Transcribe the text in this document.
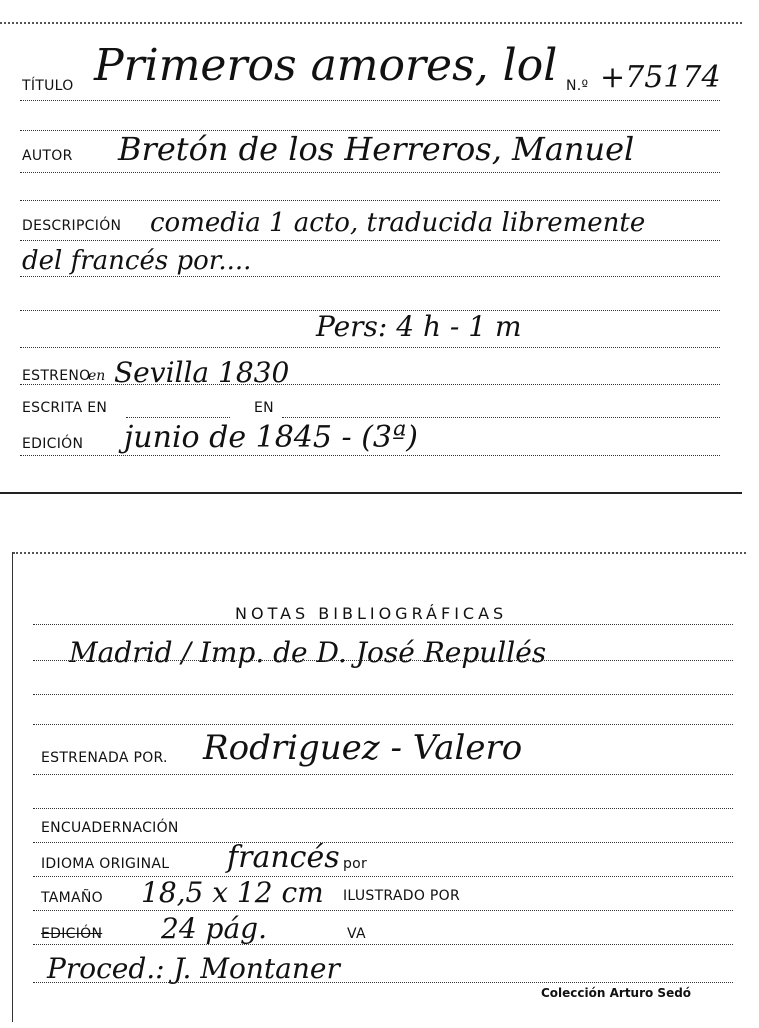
TÍTULO Primeros amores, lol N.º +75174
AUTOR Bretón de los Herreros, Manuel
DESCRIPCIÓN comedia 1 acto, traducida libremente
del francés por....
Pers: 4 h - 1 m
ESTRENO
en Sevilla 1830
ESCRITA EN	EN
EDICIÓN junio de 1845 - (3ª)
NOTAS BIBLIOGRÁFICAS
Madrid / Imp. de D. José Repullés
ESTRENADA POR. Rodriguez - Valero
ENCUADERNACIÓN
IDIOMA ORIGINAL francés por
TAMAÑO 18,5 x 12 cm ILUSTRADO POR
EDICIÓN 24 pág.	VA
Proced.: J. Montaner
Colección Arturo Sedó
